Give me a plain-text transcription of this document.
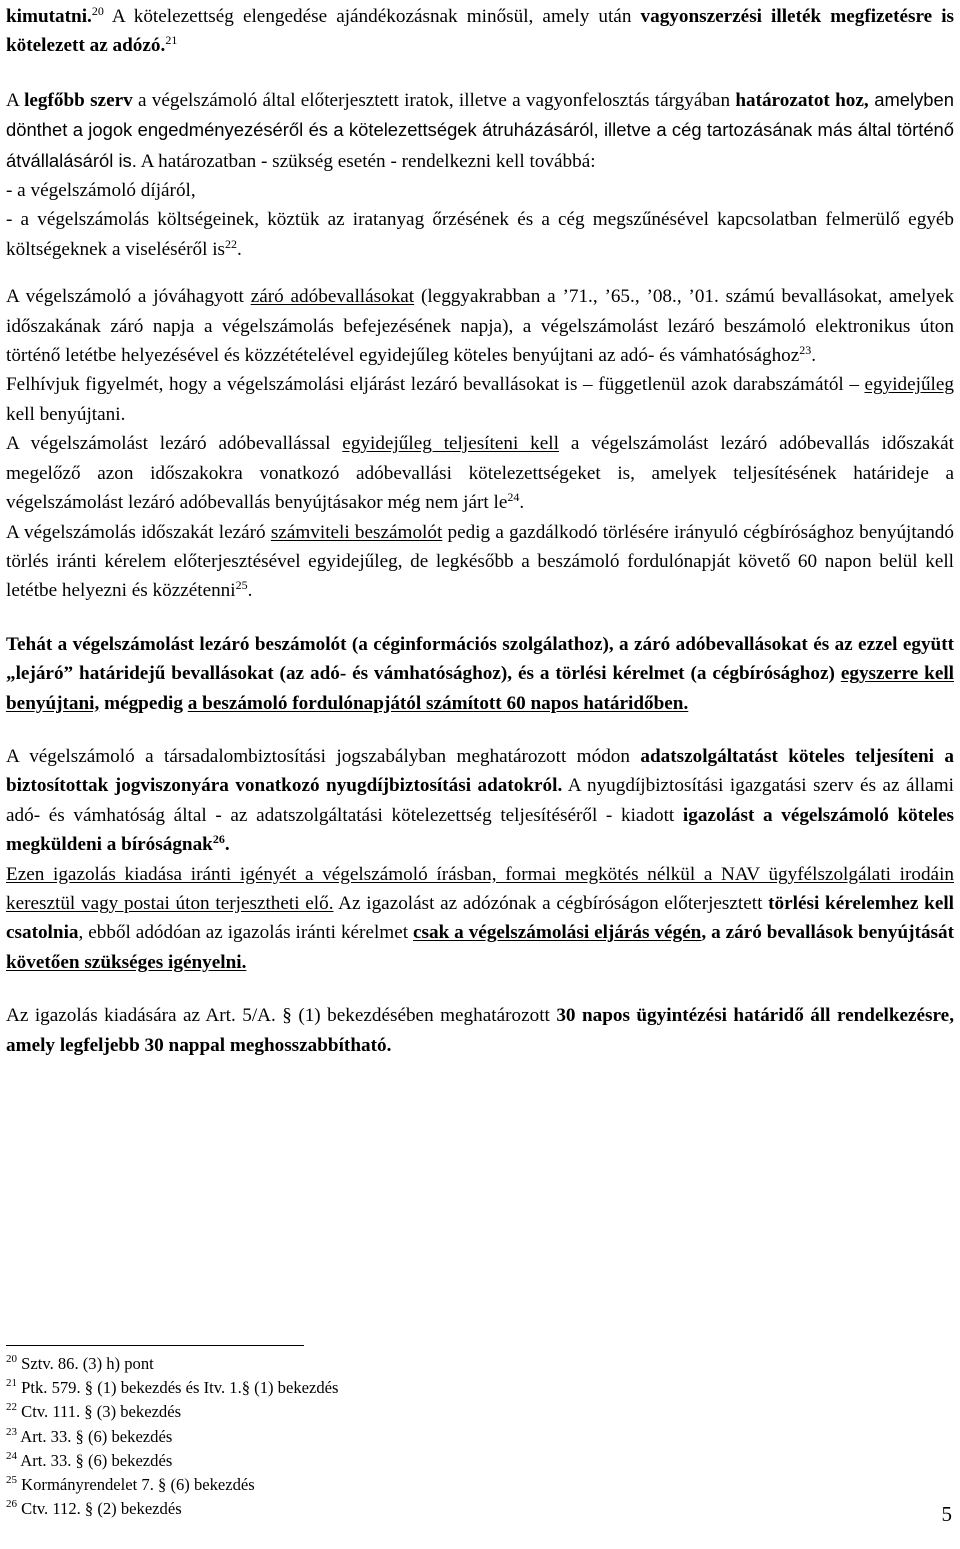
kimutatni.$^{20}$ A kötelezettség elengedése ajándékozásnak minősül, amely után vagyonszerzési illeték megfizetésre is kötelezett az adózó.$^{21}$

A legfőbb szerv a végelszámoló által előterjesztett iratok, illetve a vagyonfelosztás tárgyában határozatot hoz, amelyben dönthet a jogok engedményezéséről és a kötelezettségek átruházásáról, illetve a cég tartozásának más által történő átvállalásáról is. A határozatban - szükség esetén - rendelkezni kell továbbá:

- a végelszámoló díjáról,

- a végelszámolás költségeinek, köztük az iratanyag őrzésének és a cég megszűnésével kapcsolatban felmerülő egyéb költségeknek a viseléséről $is^{22}$.

A végelszámoló a jóváhagyott záró adóbevallásokat (leggyakrabban a ’71., ’65., ’08., ’01. számú bevallásokat, amelyek időszakának záró napja a végelszámolás befejezésének napja), a végelszámolást lezáró beszámoló elektronikus úton történő letétbe helyezésével és közzétételével egyidejűleg köteles benyújtani az adó- és vámhatósághoz$^{23}$.

Felhívjuk figyelmét, hogy a végelszámolási eljárást lezáró bevallásokat is – függetlenül azok darabszámától – egyidejűleg kell benyújtani.

A végelszámolást lezáró adóbevallással egyidejűleg teljesíteni kell a végelszámolást lezáró adóbevallás időszakát megelőző azon időszakokra vonatkozó adóbevallási kötelezettségeket is, amelyek teljesítésének határideje a végelszámolást lezáró adóbevallás benyújtásakor még nem járt $le^{24}$.

A végelszámolás időszakát lezáró számviteli beszámolót pedig a gazdálkodó törlésére irányuló cégbírósághoz benyújtandó törlés iránti kérelem előterjesztésével egyidejűleg, de legkésőbb a beszámoló fordulónapját követő 60 napon belül kell letétbe helyezni és közzétenni$^{25}$.

Tehát a végelszámolást lezáró beszámolót (a céginformációs szolgálathoz), a záró adóbevallásokat és az ezzel együtt „lejáró” határidejű bevallásokat (az adó- és vámhatósághoz), és a törlési kérelmet (a cégbírósághoz) egyszerre kell benyújtani, mégpedig a beszámoló fordulónapjától számított 60 napos határidőben.

A végelszámoló a társadalombiztosítási jogszabályban meghatározott módon adatszolgáltatást köteles teljesíteni a biztosítottak jogviszonyára vonatkozó nyugdíjbiztosítási adatokról. A nyugdíjbiztosítási igazgatási szerv és az állami adó- és vámhatóság által - az adatszolgáltatási kötelezettség teljesítéséről - kiadott igazolást a végelszámoló köteles megküldeni a bíróságnak$^{26}$.

Ezen igazolás kiadása iránti igényét a végelszámoló írásban, formai megkötés nélkül a NAV ügyfélszolgálati irodáin keresztül vagy postai úton terjesztheti elő. Az igazolást az adózónak a cégbíróságon előterjesztett törlési kérelemhez kell csatolnia, ebből adódóan az igazolás iránti kérelmet csak a végelszámolási eljárás végén, a záró bevallások benyújtását követően szükséges igényelni.

Az igazolás kiadására az Art. 5/A. § (1) bekezdésében meghatározott 30 napos ügyintézési határidő áll rendelkezésre, amely legfeljebb 30 nappal meghosszabbítható.

$^{20}$ Sztv. 86. (3) h) pont

$^{21}$ Ptk. 579. § (1) bekezdés és Itv. 1.§ (1) bekezdés

$^{22}$ Ctv. 111. § (3) bekezdés

$^{23}$ Art. 33. § (6) bekezdés

$^{24}$ Art. 33. § (6) bekezdés

$^{25}$ Kormányrendelet 7. § (6) bekezdés

$^{26}$ Ctv. 112. § (2) bekezdés	5
